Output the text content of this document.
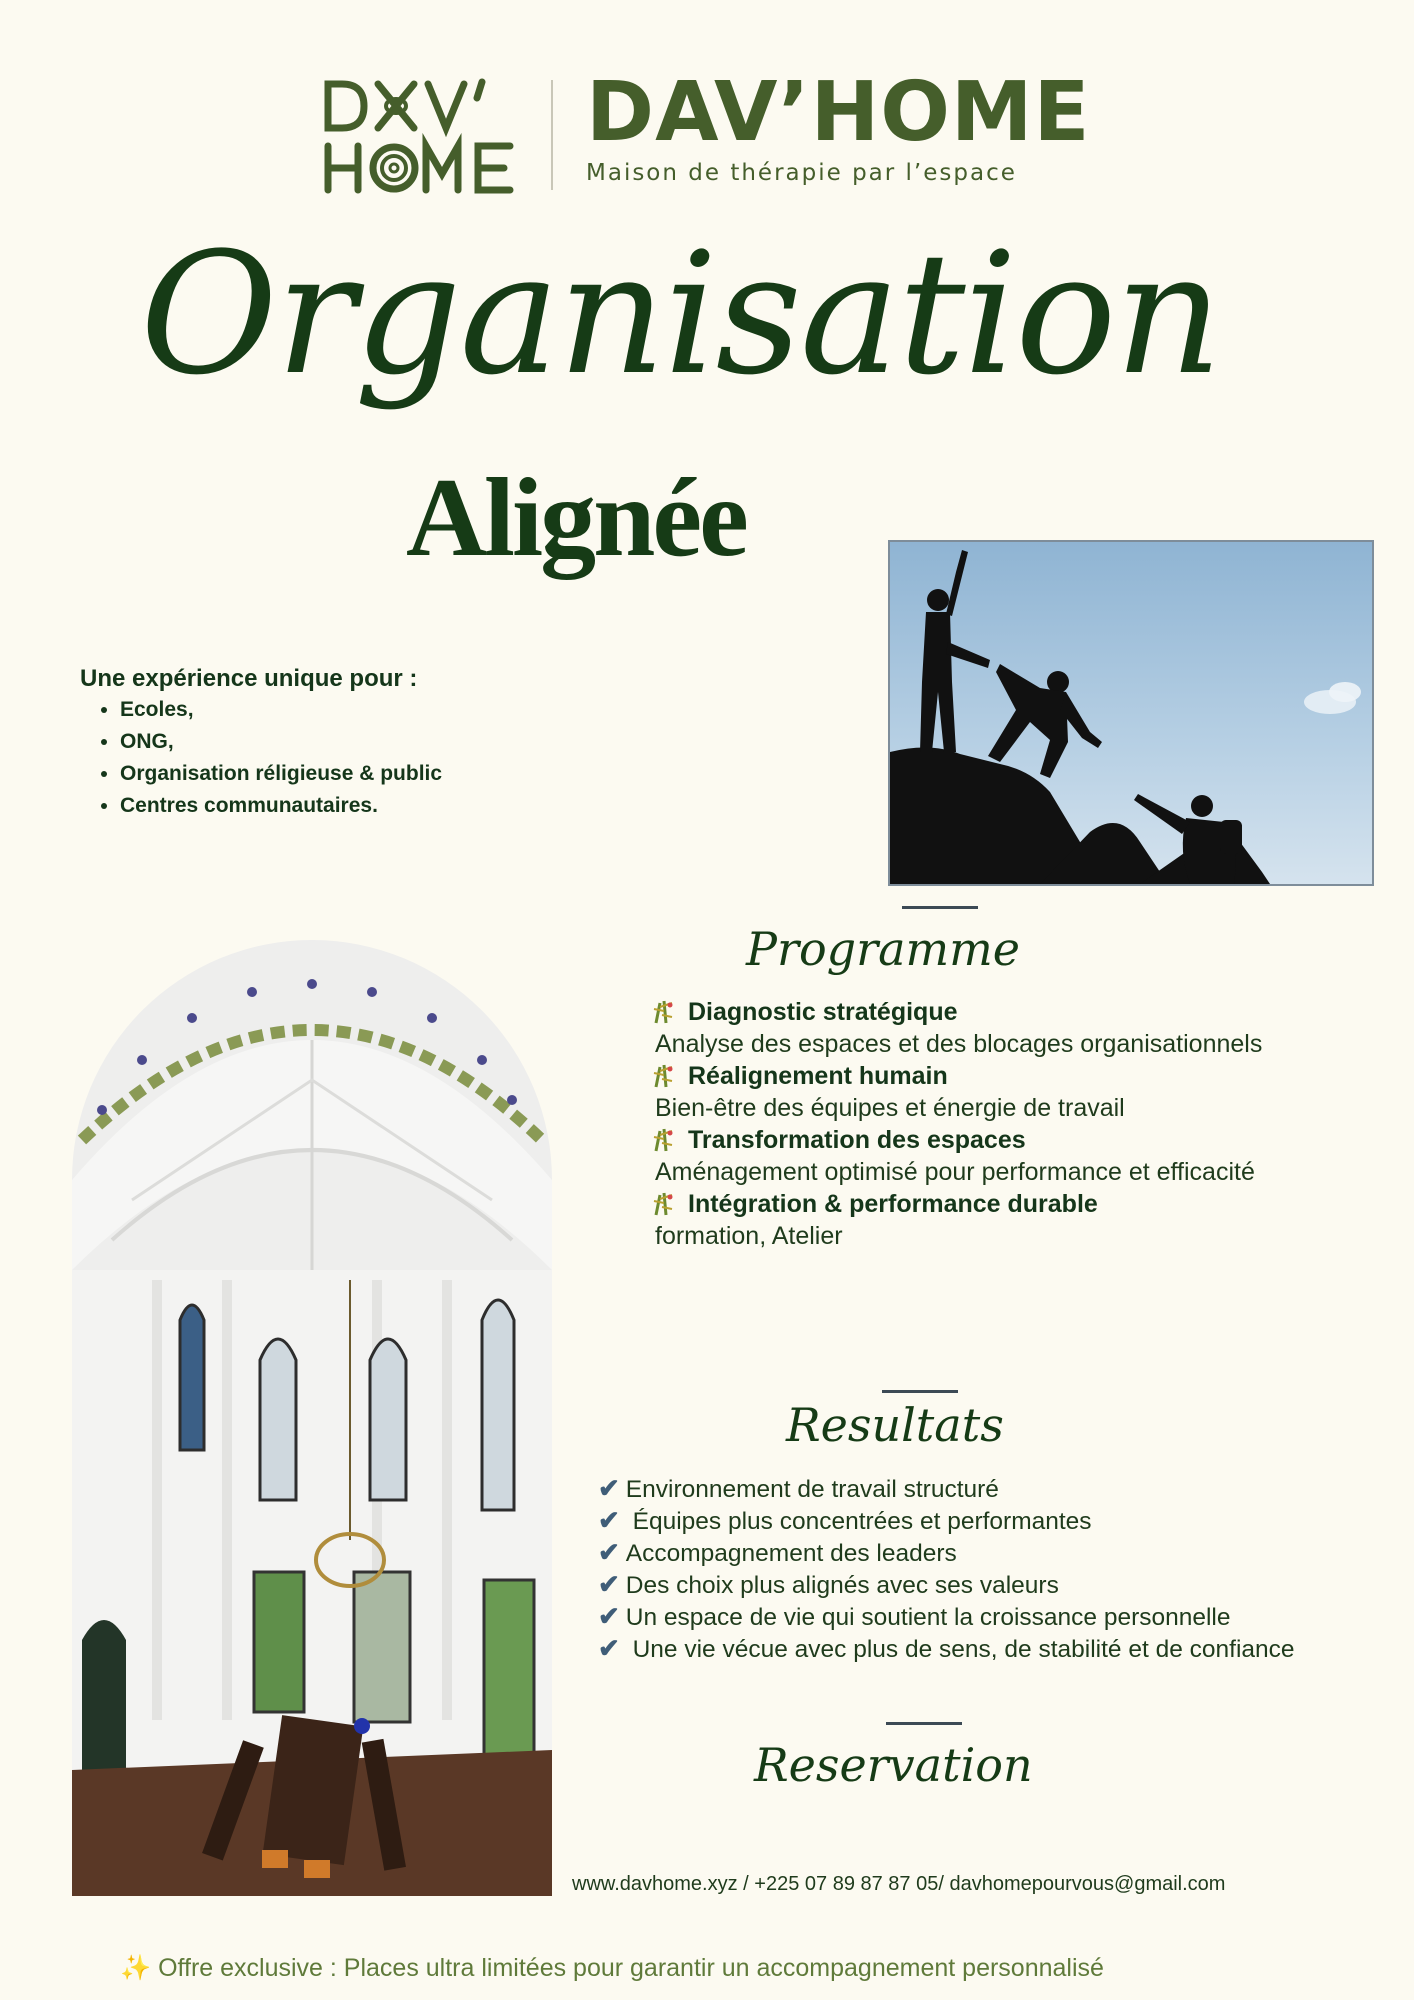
DAV’HOME
Maison de thérapie par l’espace
Organisation
Alignée
Une expérience unique pour :
• Ecoles,
• ONG,
• Organisation réligieuse & public
• Centres communautaires.
Programme
Diagnostic stratégique
Analyse des espaces et des blocages organisationnels
Réalignement humain
Bien-être des équipes et énergie de travail
Transformation des espaces
Aménagement optimisé pour performance et efficacité
Intégration & performance durable
formation, Atelier
Resultats
✔ Environnement de travail structuré
✔ Équipes plus concentrées et performantes
✔ Accompagnement des leaders
✔ Des choix plus alignés avec ses valeurs
✔ Un espace de vie qui soutient la croissance personnelle
✔ Une vie vécue avec plus de sens, de stabilité et de confiance
Reservation
www.davhome.xyz / +225 07 89 87 87 05/ davhomepourvous@gmail.com
✨ Offre exclusive : Places ultra limitées pour garantir un accompagnement personnalisé
